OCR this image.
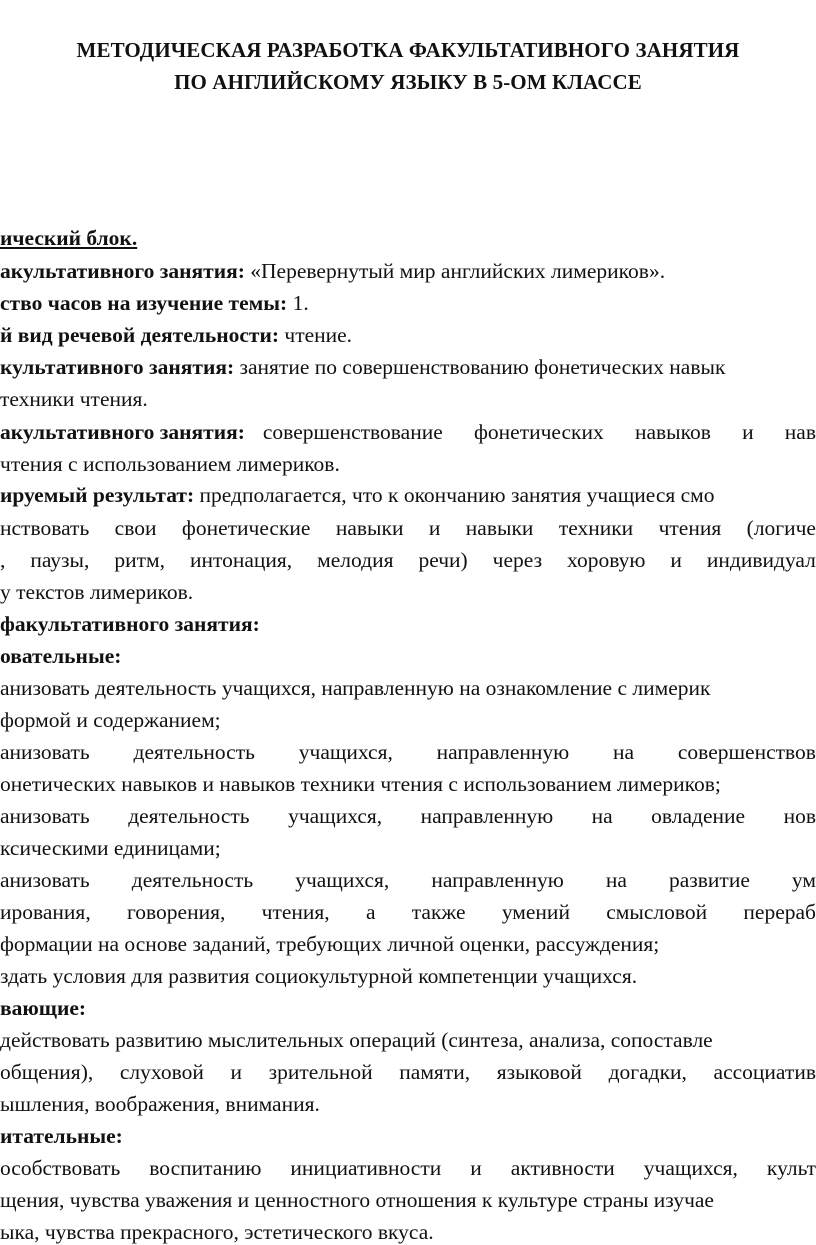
МЕТОДИЧЕСКАЯ РАЗРАБОТКА ФАКУЛЬТАТИВНОГО ЗАНЯТИЯ
ПО АНГЛИЙСКОМУ ЯЗЫКУ В 5-ОМ КЛАССЕ
ический блок.
акультативного занятия: «Перевернутый мир английских лимериков».
ство часов на изучение темы: 1.
й вид речевой деятельности: чтение.
культативного занятия: занятие по совершенствованию фонетических навык
техники чтения.
акультативного занятия: совершенствование фонетических навыков и нав
чтения с использованием лимериков.
ируемый результат: предполагается, что к окончанию занятия учащиеся смо
нствовать свои фонетические навыки и навыки техники чтения (логиче
, паузы, ритм, интонация, мелодия речи) через хоровую и индивидуал
у текстов лимериков.
факультативного занятия:
овательные:
анизовать деятельность учащихся, направленную на ознакомление с лимерик
формой и содержанием;
анизовать деятельность учащихся, направленную на совершенствов
онетических навыков и навыков техники чтения с использованием лимериков;
анизовать деятельность учащихся, направленную на овладение нов
ксическими единицами;
анизовать деятельность учащихся, направленную на развитие ум
ирования, говорения, чтения, а также умений смысловой перераб
формации на основе заданий, требующих личной оценки, рассуждения;
здать условия для развития социокультурной компетенции учащихся.
вающие:
действовать развитию мыслительных операций (синтеза, анализа, сопоставле
общения), слуховой и зрительной памяти, языковой догадки, ассоциатив
ышления, воображения, внимания.
итательные:
особствовать воспитанию инициативности и активности учащихся, культ
щения, чувства уважения и ценностного отношения к культуре страны изучае
ыка, чувства прекрасного, эстетического вкуса.
